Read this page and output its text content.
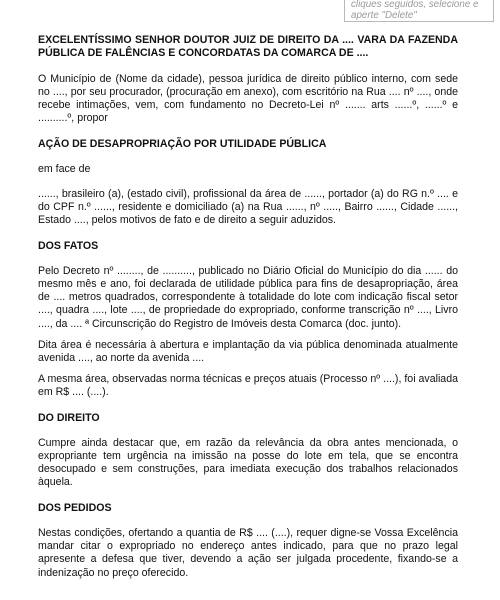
cliques seguidos, selecione e
aperte "Delete"

EXCELENTÍSSIMO SENHOR DOUTOR JUIZ DE DIREITO DA .... VARA DA FAZENDA PÚBLICA DE FALÊNCIAS E CONCORDATAS DA COMARCA DE ....

O Município de (Nome da cidade), pessoa jurídica de direito público interno, com sede no ...., por seu procurador, (procuração em anexo), com escritório na Rua .... nº ...., onde recebe intimações, vem, com fundamento no Decreto-Lei nº ....... arts ......º, ......º e ..........º, propor

AÇÃO DE DESAPROPRIAÇÃO POR UTILIDADE PÚBLICA

em face de

......, brasileiro (a), (estado civil), profissional da área de ......, portador (a) do RG n.º .... e do CPF n.º ......, residente e domiciliado (a) na Rua ......, nº ....., Bairro ......, Cidade ......, Estado ...., pelos motivos de fato e de direito a seguir aduzidos.

DOS FATOS

Pelo Decreto nº ........, de .........., publicado no Diário Oficial do Município do dia ...... do mesmo mês e ano, foi declarada de utilidade pública para fins de desapropriação, área de .... metros quadrados, correspondente à totalidade do lote com indicação fiscal setor ...., quadra ...., lote ...., de propriedade do expropriado, conforme transcrição nº ...., Livro ...., da .... ª Circunscrição do Registro de Imóveis desta Comarca (doc. junto).

Dita área é necessária à abertura e implantação da via pública denominada atualmente avenida ...., ao norte da avenida ....

A mesma área, observadas norma técnicas e preços atuais (Processo nº ....), foi avaliada em R$ .... (....).

DO DIREITO

Cumpre ainda destacar que, em razão da relevância da obra antes mencionada, o expropriante tem urgência na imissão na posse do lote em tela, que se encontra desocupado e sem construções, para imediata execução dos trabalhos relacionados àquela.

DOS PEDIDOS

Nestas condições, ofertando a quantia de R$ .... (....), requer digne-se Vossa Excelência mandar citar o expropriado no endereço antes indicado, para que no prazo legal apresente a defesa que tiver, devendo a ação ser julgada procedente, fixando-se a indenização no preço oferecido.
